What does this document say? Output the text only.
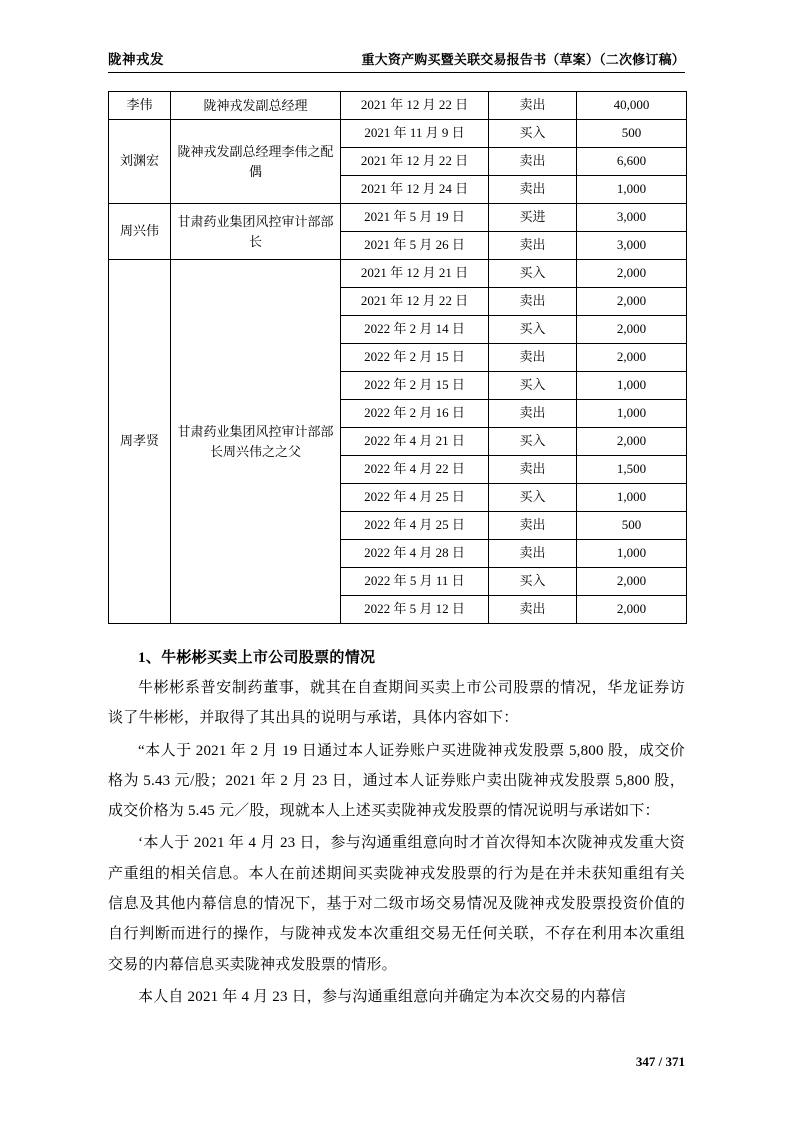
陇神戎发	重大资产购买暨关联交易报告书（草案）（二次修订稿）
李伟	陇神戎发副总经理	2021 年 12 月 22 日	卖出	40,000
刘渊宏	陇神戎发副总经理李伟之配偶	2021 年 11 月 9 日	买入	500
		2021 年 12 月 22 日	卖出	6,600
		2021 年 12 月 24 日	卖出	1,000
周兴伟	甘肃药业集团风控审计部部长	2021 年 5 月 19 日	买进	3,000
		2021 年 5 月 26 日	卖出	3,000
周孝贤	甘肃药业集团风控审计部部长周兴伟之之父	2021 年 12 月 21 日	买入	2,000
		2021 年 12 月 22 日	卖出	2,000
		2022 年 2 月 14 日	买入	2,000
		2022 年 2 月 15 日	卖出	2,000
		2022 年 2 月 15 日	买入	1,000
		2022 年 2 月 16 日	卖出	1,000
		2022 年 4 月 21 日	买入	2,000
		2022 年 4 月 22 日	卖出	1,500
		2022 年 4 月 25 日	买入	1,000
		2022 年 4 月 25 日	卖出	500
		2022 年 4 月 28 日	卖出	1,000
		2022 年 5 月 11 日	买入	2,000
		2022 年 5 月 12 日	卖出	2,000
1、牛彬彬买卖上市公司股票的情况

牛彬彬系普安制药董事，就其在自查期间买卖上市公司股票的情况，华龙证券访谈了牛彬彬，并取得了其出具的说明与承诺，具体内容如下：

“本人于 2021 年 2 月 19 日通过本人证券账户买进陇神戎发股票 5,800 股，成交价格为 5.43 元/股；2021 年 2 月 23 日，通过本人证券账户卖出陇神戎发股票 5,800 股，成交价格为 5.45 元／股，现就本人上述买卖陇神戎发股票的情况说明与承诺如下：

‘本人于 2021 年 4 月 23 日，参与沟通重组意向时才首次得知本次陇神戎发重大资产重组的相关信息。本人在前述期间买卖陇神戎发股票的行为是在并未获知重组有关信息及其他内幕信息的情况下，基于对二级市场交易情况及陇神戎发股票投资价值的自行判断而进行的操作，与陇神戎发本次重组交易无任何关联，不存在利用本次重组交易的内幕信息买卖陇神戎发股票的情形。

本人自 2021 年 4 月 23 日，参与沟通重组意向并确定为本次交易的内幕信

347 / 371
